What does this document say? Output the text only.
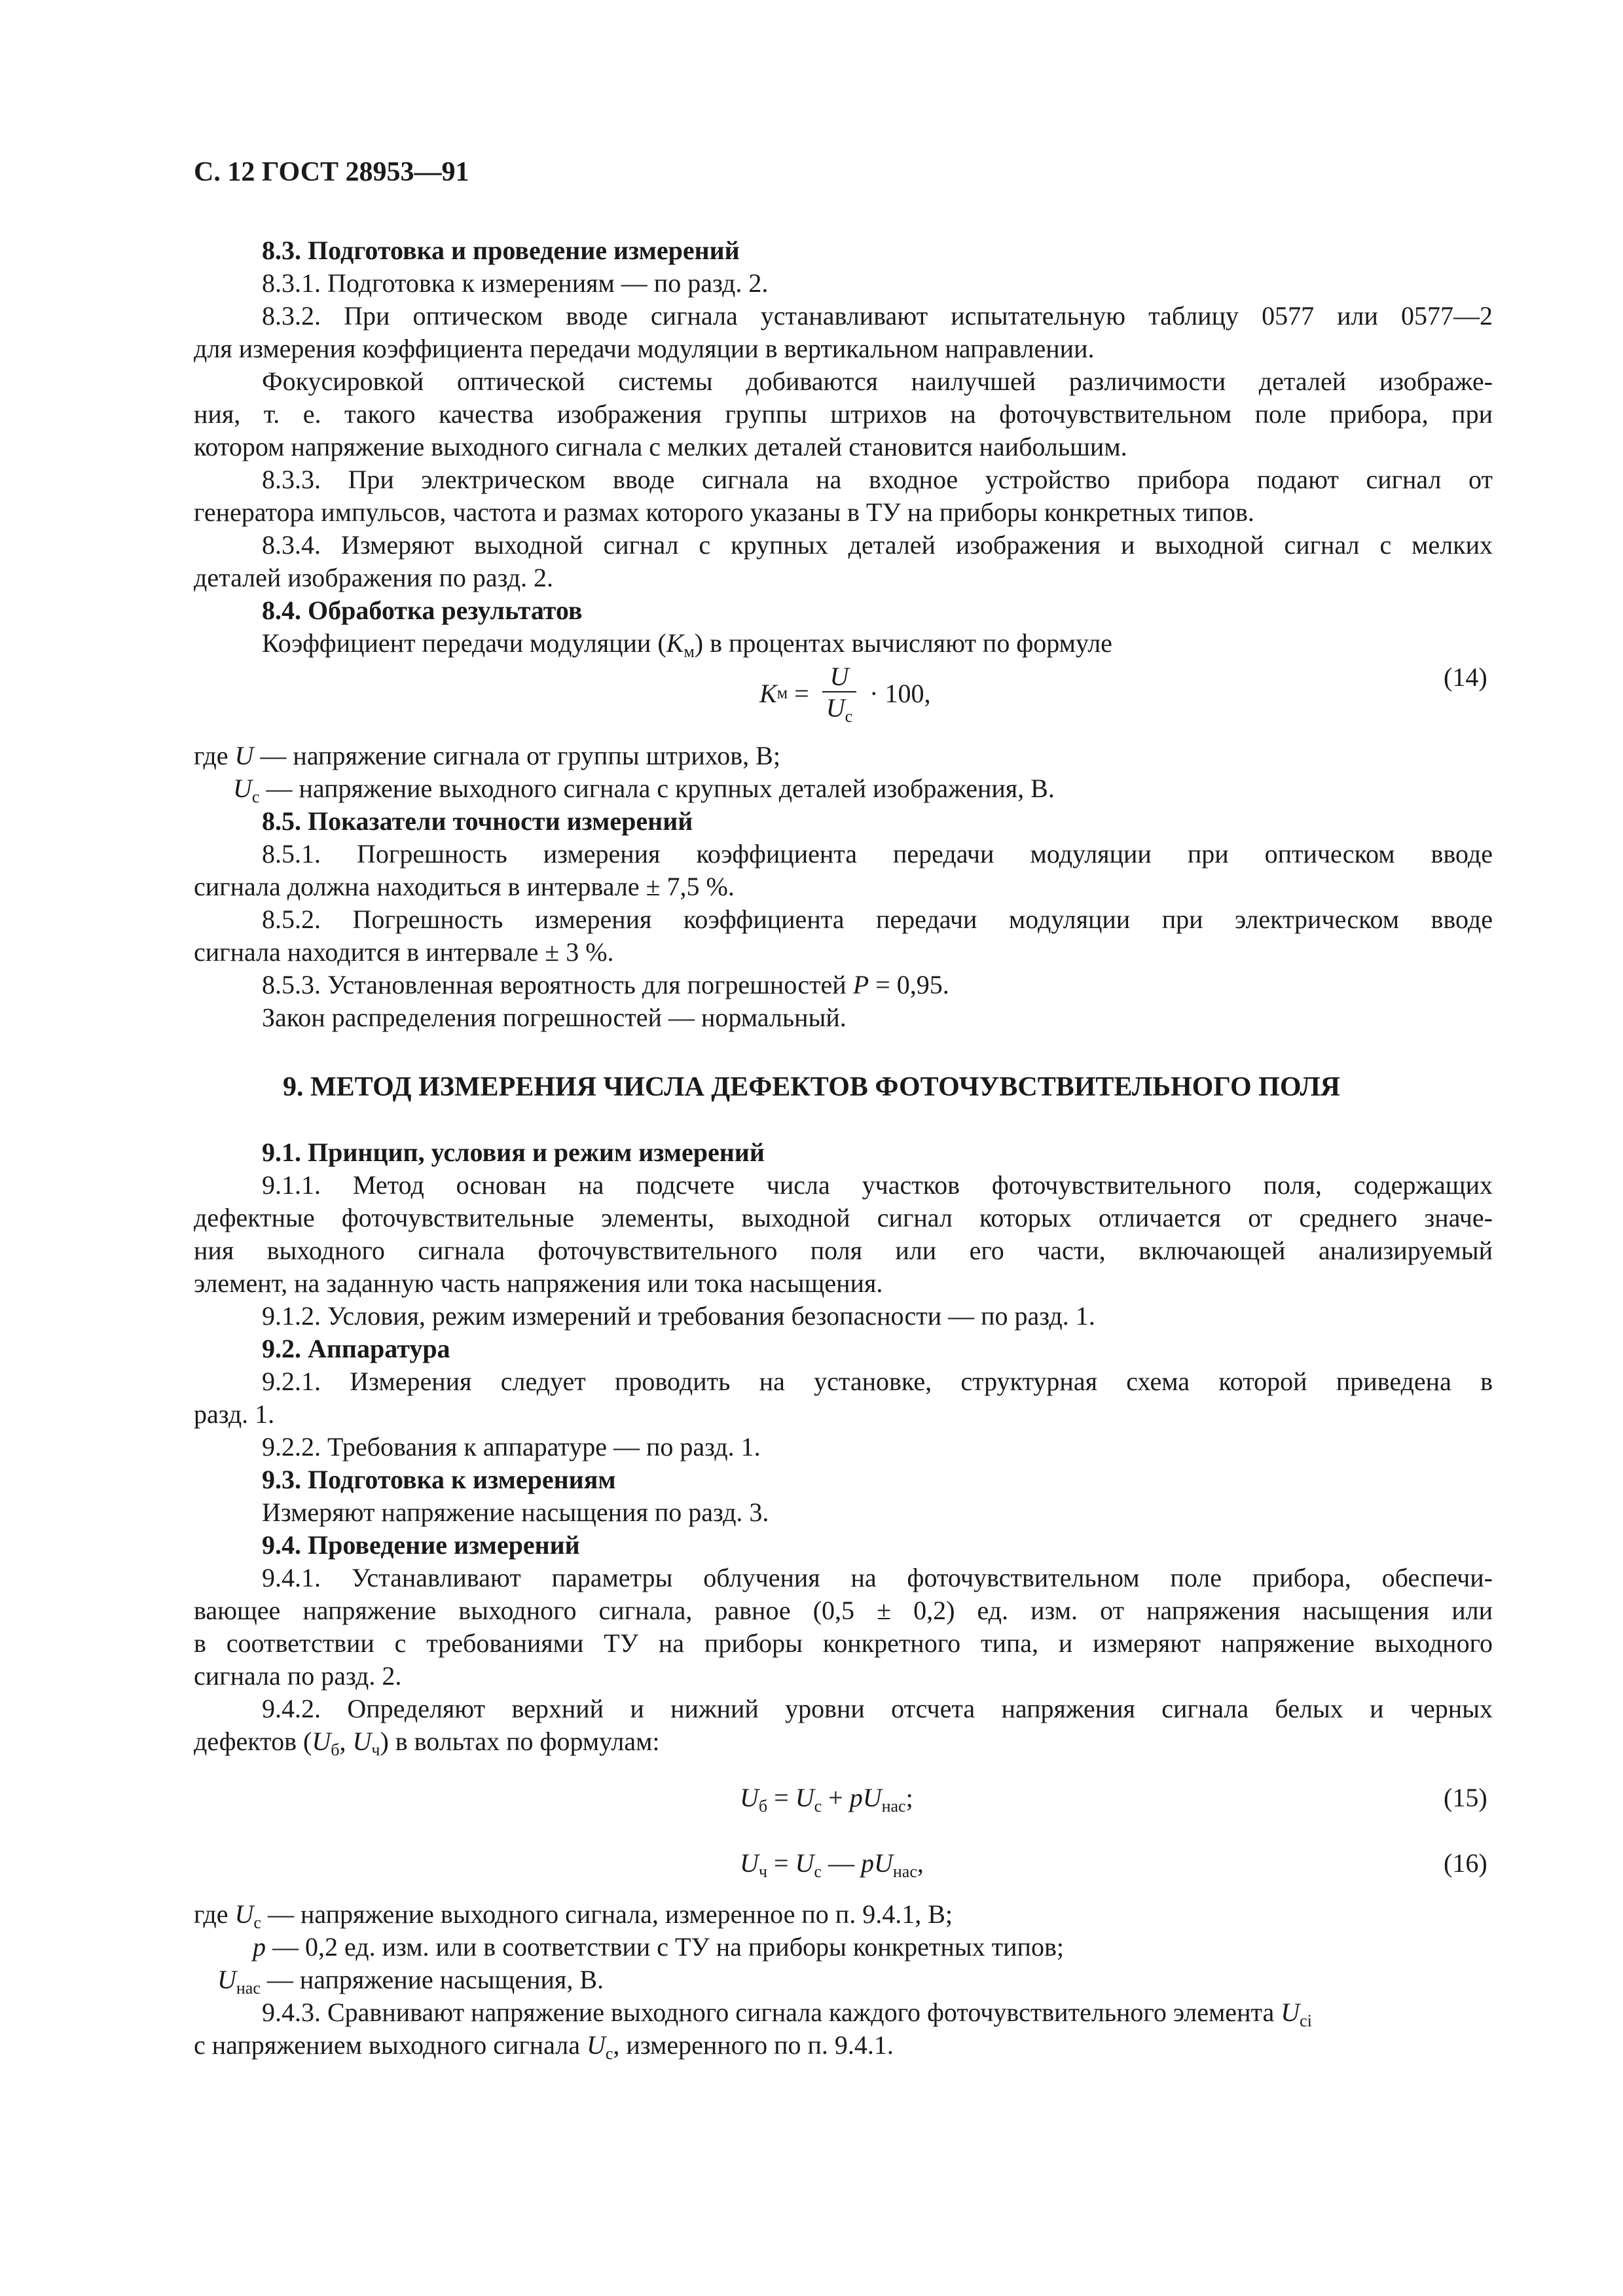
С. 12 ГОСТ 28953—91
8.3. Подготовка и проведение измерений
8.3.1. Подготовка к измерениям — по разд. 2.
8.3.2. При оптическом вводе сигнала устанавливают испытательную таблицу 0577 или 0577—2
для измерения коэффициента передачи модуляции в вертикальном направлении.
Фокусировкой оптической системы добиваются наилучшей различимости деталей изображе-
ния, т. е. такого качества изображения группы штрихов на фоточувствительном поле прибора, при
котором напряжение выходного сигнала с мелких деталей становится наибольшим.
8.3.3. При электрическом вводе сигнала на входное устройство прибора подают сигнал от
генератора импульсов, частота и размах которого указаны в ТУ на приборы конкретных типов.
8.3.4. Измеряют выходной сигнал с крупных деталей изображения и выходной сигнал с мелких
деталей изображения по разд. 2.
8.4. Обработка результатов
Коэффициент передачи модуляции $(K_м)$ в процентах вычисляют по формуле
K $м = \frac{U}{U_с} \cdot 100$,
(14)
где U — напряжение сигнала от группы штрихов, В;
$U_с$ — напряжение выходного сигнала с крупных деталей изображения, В.
8.5. Показатели точности измерений
8.5.1. Погрешность измерения коэффициента передачи модуляции при оптическом вводе
сигнала должна находиться в интервале ± 7,5 %.
8.5.2. Погрешность измерения коэффициента передачи модуляции при электрическом вводе
сигнала находится в интервале ± 3 %.
8.5.3. Установленная вероятность для погрешностей P = 0,95.
Закон распределения погрешностей — нормальный.
9. МЕТОД ИЗМЕРЕНИЯ ЧИСЛА ДЕФЕКТОВ ФОТОЧУВСТВИТЕЛЬНОГО ПОЛЯ
9.1. Принцип, условия и режим измерений
9.1.1. Метод основан на подсчете числа участков фоточувствительного поля, содержащих
дефектные фоточувствительные элементы, выходной сигнал которых отличается от среднего значе-
ния выходного сигнала фоточувствительного поля или его части, включающей анализируемый
элемент, на заданную часть напряжения или тока насыщения.
9.1.2. Условия, режим измерений и требования безопасности — по разд. 1.
9.2. Аппаратура
9.2.1. Измерения следует проводить на установке, структурная схема которой приведена в
разд. 1.
9.2.2. Требования к аппаратуре — по разд. 1.
9.3. Подготовка к измерениям
Измеряют напряжение насыщения по разд. 3.
9.4. Проведение измерений
9.4.1. Устанавливают параметры облучения на фоточувствительном поле прибора, обеспечи-
вающее напряжение выходного сигнала, равное (0,5 ± 0,2) ед. изм. от напряжения насыщения или
в соответствии с требованиями ТУ на приборы конкретного типа, и измеряют напряжение выходного
сигнала по разд. 2.
9.4.2. Определяют верхний и нижний уровни отсчета напряжения сигнала белых и черных
дефектов ($U_б$, $U_ч$) в вольтах по формулам:
$U_б = U_с + pU_{нас}$;	(15)
$U_ч = U_с$ — $pU_{нас}$,	(16)
где $U_с$ — напряжение выходного сигнала, измеренное по п. 9.4.1, В;
p — 0,2 ед. изм. или в соответствии с ТУ на приборы конкретных типов;
$U_{нас}$ — напряжение насыщения, В.
9.4.3. Сравнивают напряжение выходного сигнала каждого фоточувствительного элемента $U_{ci}$
с напряжением выходного сигнала $U_с$, измеренного по п. 9.4.1.
